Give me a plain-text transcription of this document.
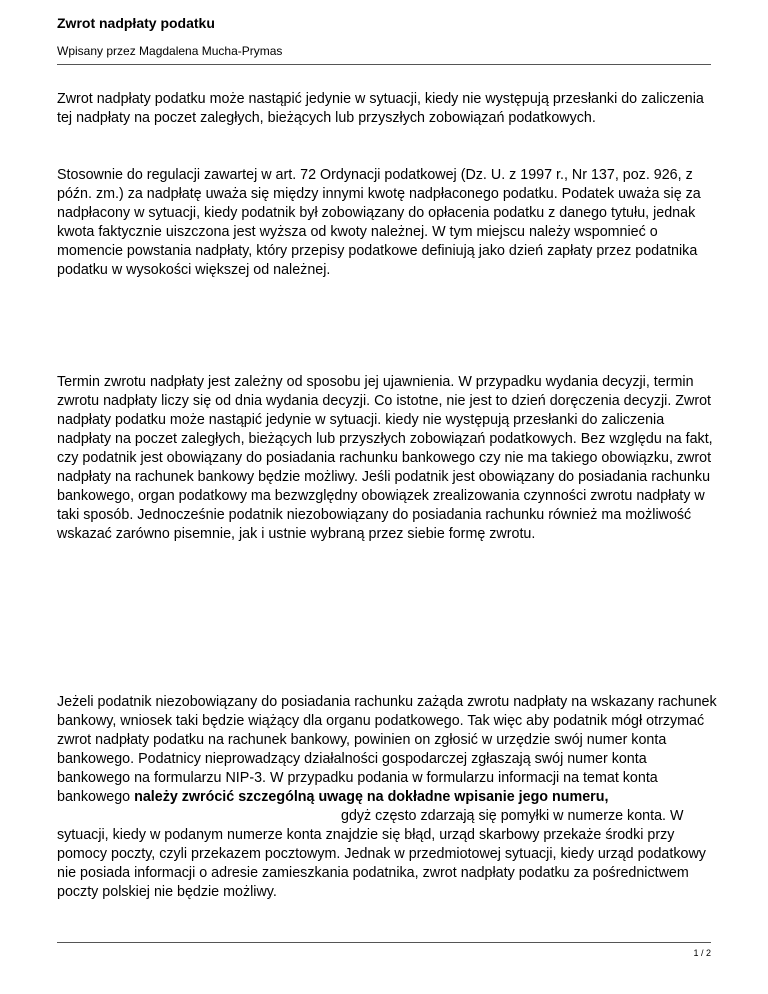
Zwrot nadpłaty podatku
Wpisany przez Magdalena Mucha-Prymas

Zwrot nadpłaty podatku może nastąpić jedynie w sytuacji, kiedy nie występują przesłanki do zaliczenia tej nadpłaty na poczet zaległych, bieżących lub przyszłych zobowiązań podatkowych.

Stosownie do regulacji zawartej w art. 72 Ordynacji podatkowej (Dz. U. z 1997 r., Nr 137, poz. 926, z późn. zm.) za nadpłatę uważa się między innymi kwotę nadpłaconego podatku. Podatek uważa się za nadpłacony w sytuacji, kiedy podatnik był zobowiązany do opłacenia podatku z danego tytułu, jednak kwota faktycznie uiszczona jest wyższa od kwoty należnej. W tym miejscu należy wspomnieć o momencie powstania nadpłaty, który przepisy podatkowe definiują jako dzień zapłaty przez podatnika podatku w wysokości większej od należnej.

Termin zwrotu nadpłaty jest zależny od sposobu jej ujawnienia. W przypadku wydania decyzji, termin zwrotu nadpłaty liczy się od dnia wydania decyzji. Co istotne, nie jest to dzień doręczenia decyzji. Zwrot nadpłaty podatku może nastąpić jedynie w sytuacji. kiedy nie występują przesłanki do zaliczenia nadpłaty na poczet zaległych, bieżących lub przyszłych zobowiązań podatkowych. Bez względu na fakt, czy podatnik jest obowiązany do posiadania rachunku bankowego czy nie ma takiego obowiązku, zwrot nadpłaty na rachunek bankowy będzie możliwy. Jeśli podatnik jest obowiązany do posiadania rachunku bankowego, organ podatkowy ma bezwzględny obowiązek zrealizowania czynności zwrotu nadpłaty w taki sposób. Jednocześnie podatnik niezobowiązany do posiadania rachunku również ma możliwość wskazać zarówno pisemnie, jak i ustnie wybraną przez siebie formę zwrotu.

Jeżeli podatnik niezobowiązany do posiadania rachunku zażąda zwrotu nadpłaty na wskazany rachunek bankowy, wniosek taki będzie wiążący dla organu podatkowego. Tak więc aby podatnik mógł otrzymać zwrot nadpłaty podatku na rachunek bankowy, powinien on zgłosić w urzędzie swój numer konta bankowego. Podatnicy nieprowadzący działalności gospodarczej zgłaszają swój numer konta bankowego na formularzu NIP-3. W przypadku podania w formularzu informacji na temat konta bankowego należy zwrócić szczególną uwagę na dokładne wpisanie jego numeru,gdyż często zdarzają się pomyłki w numerze konta. W sytuacji, kiedy w podanym numerze konta znajdzie się błąd, urząd skarbowy przekaże środki przy pomocy poczty, czyli przekazem pocztowym. Jednak w przedmiotowej sytuacji, kiedy urząd podatkowy nie posiada informacji o adresie zamieszkania podatnika, zwrot nadpłaty podatku za pośrednictwem poczty polskiej nie będzie możliwy.

1 / 2
